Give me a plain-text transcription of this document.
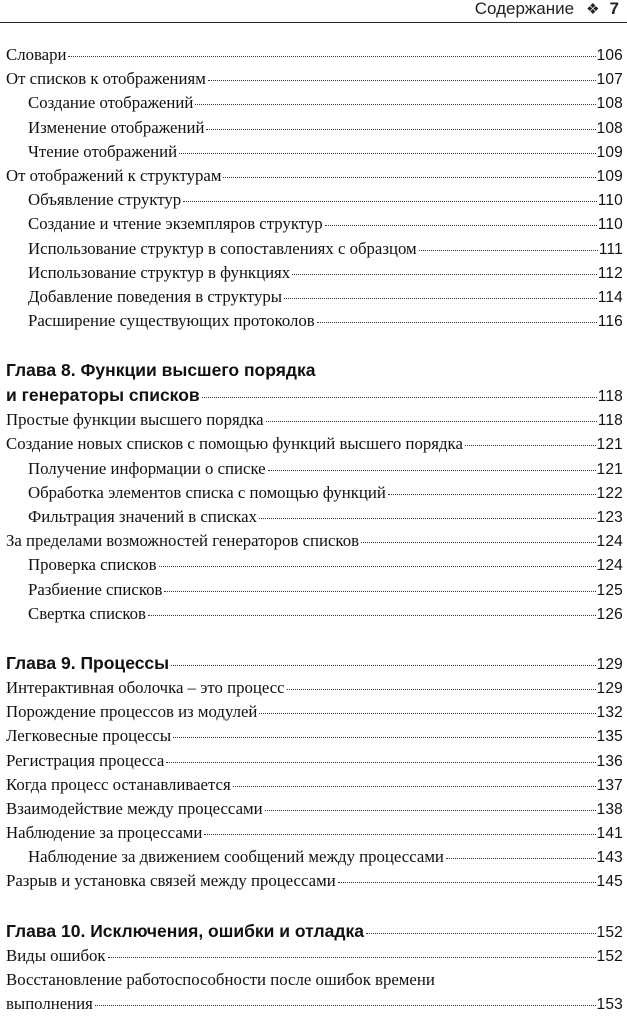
Содержание ❖ 7
Словари	106
От списков к отображениям	107
Создание отображений	108
Изменение отображений	108
Чтение отображений	109
От отображений к структурам	109
Объявление структур	110
Создание и чтение экземпляров структур	110
Использование структур в сопоставлениях с образцом	111
Использование структур в функциях	112
Добавление поведения в структуры	114
Расширение существующих протоколов	116
Глава 8. Функции высшего порядка
и генераторы списков	118
Простые функции высшего порядка	118
Создание новых списков с помощью функций высшего порядка	121
Получение информации о списке	121
Обработка элементов списка с помощью функций	122
Фильтрация значений в списках	123
За пределами возможностей генераторов списков	124
Проверка списков	124
Разбиение списков	125
Свертка списков	126
Глава 9. Процессы	129
Интерактивная оболочка – это процесс	129
Порождение процессов из модулей	132
Легковесные процессы	135
Регистрация процесса	136
Когда процесс останавливается	137
Взаимодействие между процессами	138
Наблюдение за процессами	141
Наблюдение за движением сообщений между процессами	143
Разрыв и установка связей между процессами	145
Глава 10. Исключения, ошибки и отладка	152
Виды ошибок	152
Восстановление работоспособности после ошибок времени
выполнения	153
